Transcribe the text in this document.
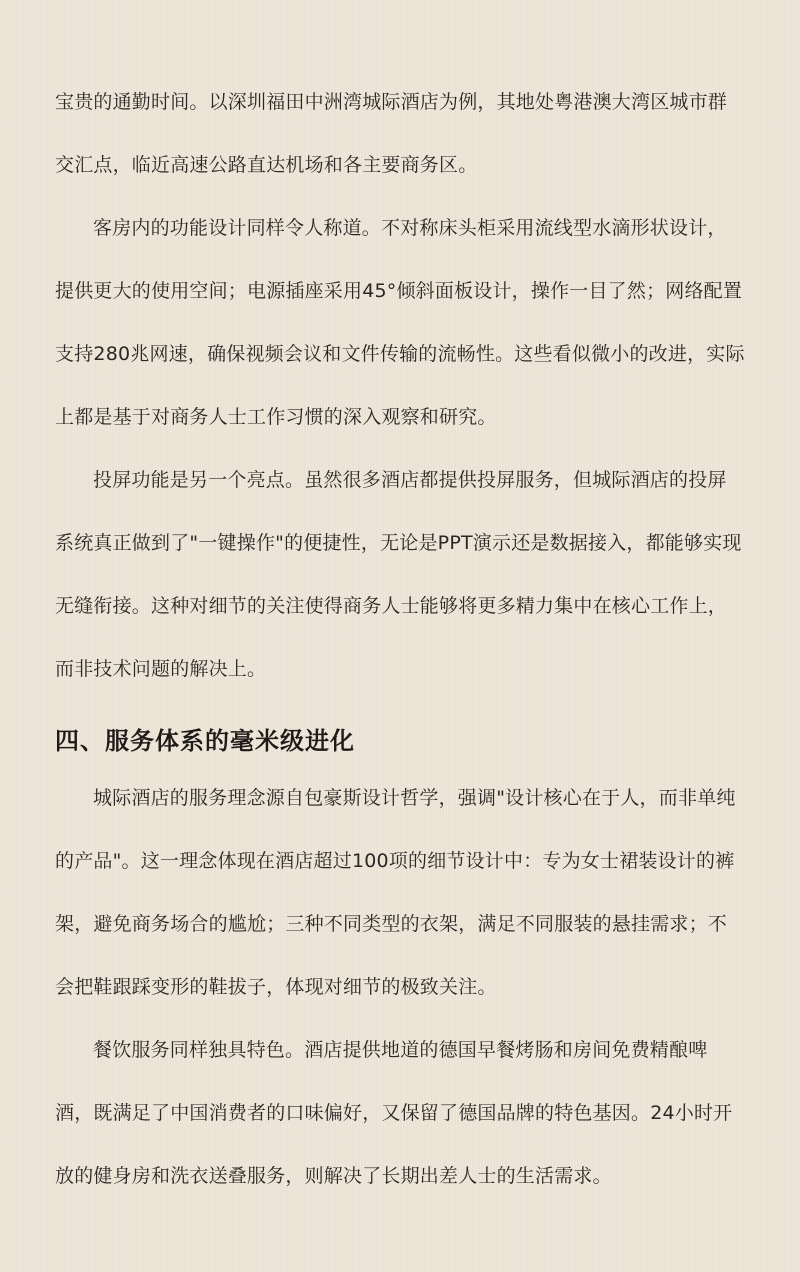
宝贵的通勤时间。以深圳福田中洲湾城际酒店为例，其地处粤港澳大湾区城市群交汇点，临近高速公路直达机场和各主要商务区。

客房内的功能设计同样令人称道。不对称床头柜采用流线型水滴形状设计，提供更大的使用空间；电源插座采用45°倾斜面板设计，操作一目了然；网络配置支持280兆网速，确保视频会议和文件传输的流畅性。这些看似微小的改进，实际上都是基于对商务人士工作习惯的深入观察和研究。

投屏功能是另一个亮点。虽然很多酒店都提供投屏服务，但城际酒店的投屏系统真正做到了"一键操作"的便捷性，无论是PPT演示还是数据接入，都能够实现无缝衔接。这种对细节的关注使得商务人士能够将更多精力集中在核心工作上，而非技术问题的解决上。

四、服务体系的毫米级进化

城际酒店的服务理念源自包豪斯设计哲学，强调"设计核心在于人，而非单纯的产品"。这一理念体现在酒店超过100项的细节设计中：专为女士裙装设计的裤架，避免商务场合的尴尬；三种不同类型的衣架，满足不同服装的悬挂需求；不会把鞋跟踩变形的鞋拔子，体现对细节的极致关注。

餐饮服务同样独具特色。酒店提供地道的德国早餐烤肠和房间免费精酿啤酒，既满足了中国消费者的口味偏好，又保留了德国品牌的特色基因。24小时开放的健身房和洗衣送叠服务，则解决了长期出差人士的生活需求。
